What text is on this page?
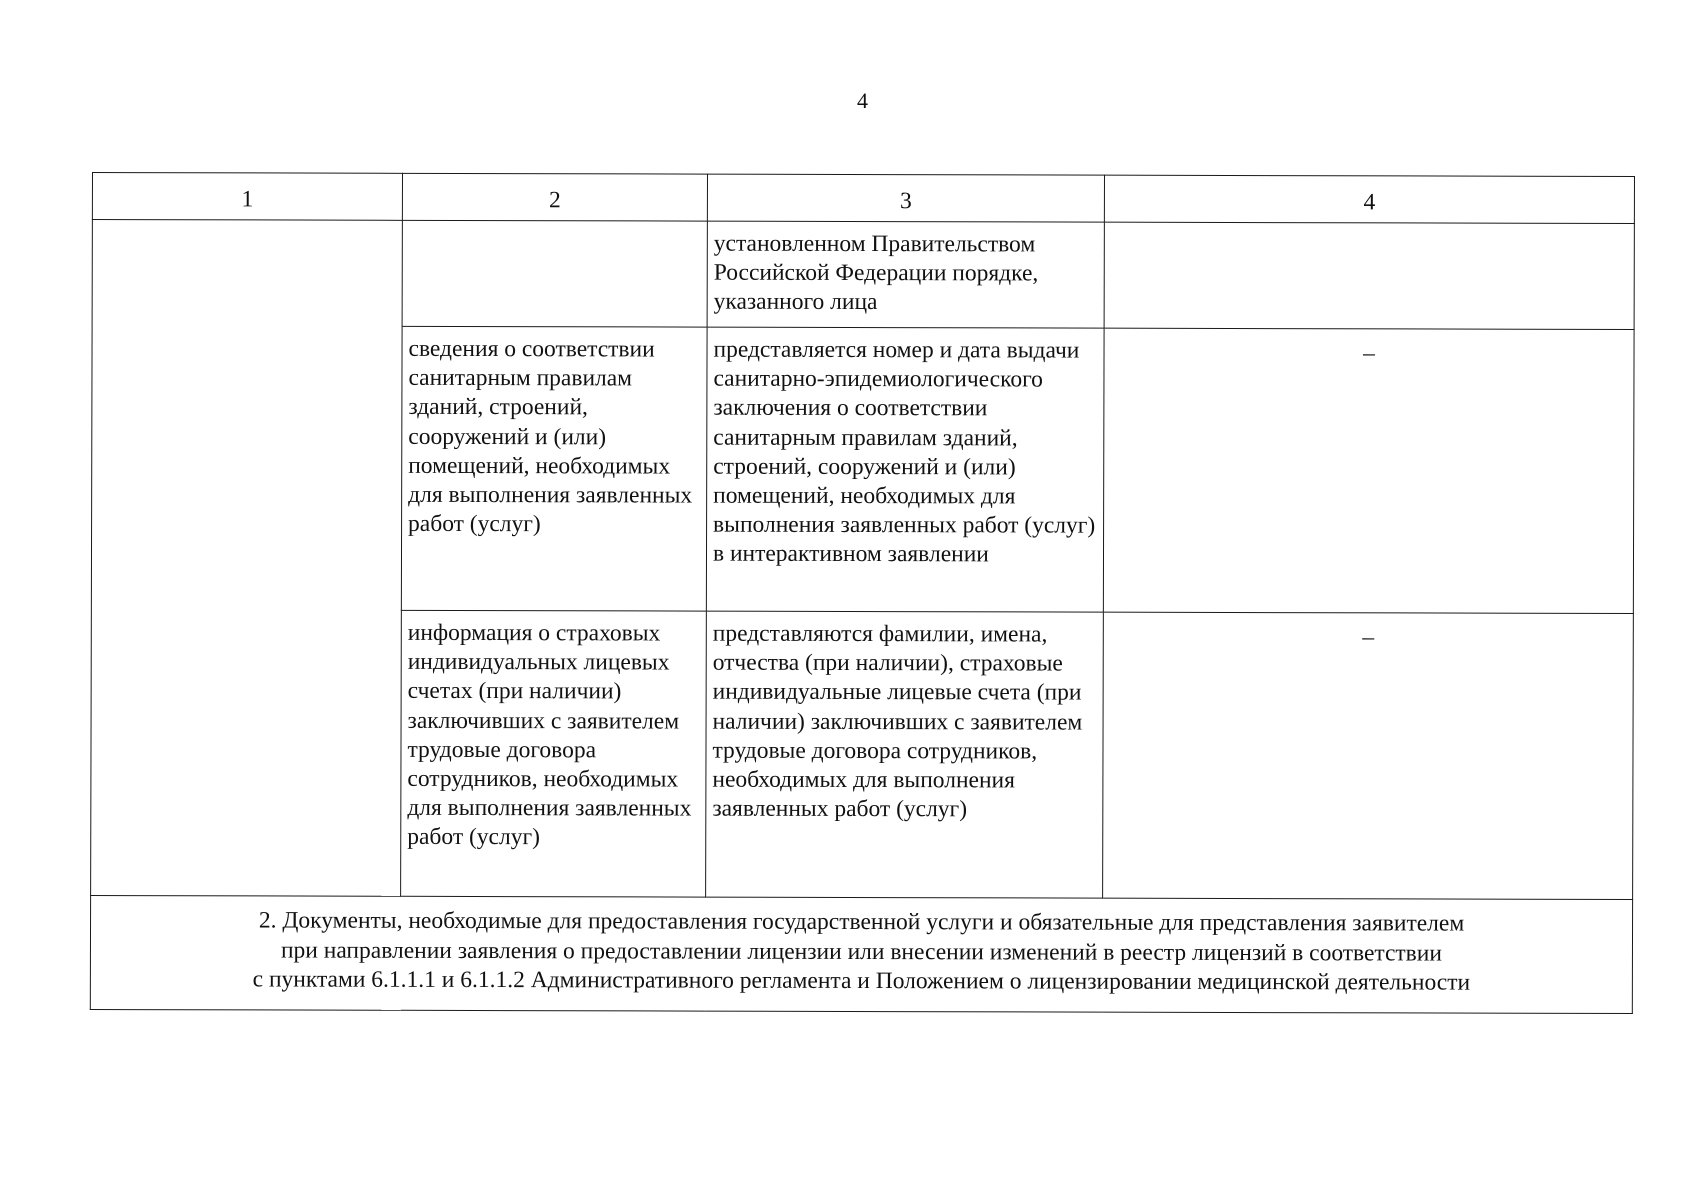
4
1	2	3	4
		установленном Правительством Российской Федерации порядке, указанного лица	
	сведения о соответствии санитарным правилам зданий, строений, сооружений и (или) помещений, необходимых для выполнения заявленных работ (услуг)	представляется номер и дата выдачи санитарно-эпидемиологического заключения о соответствии санитарным правилам зданий, строений, сооружений и (или) помещений, необходимых для выполнения заявленных работ (услуг) в интерактивном заявлении	–
	информация о страховых индивидуальных лицевых счетах (при наличии) заключивших с заявителем трудовые договора сотрудников, необходимых для выполнения заявленных работ (услуг)	представляются фамилии, имена, отчества (при наличии), страховые индивидуальные лицевые счета (при наличии) заключивших с заявителем трудовые договора сотрудников, необходимых для выполнения заявленных работ (услуг)	–

2. Документы, необходимые для предоставления государственной услуги и обязательные для представления заявителем
при направлении заявления о предоставлении лицензии или внесении изменений в реестр лицензий в соответствии
с пунктами 6.1.1.1 и 6.1.1.2 Административного регламента и Положением о лицензировании медицинской деятельности			
